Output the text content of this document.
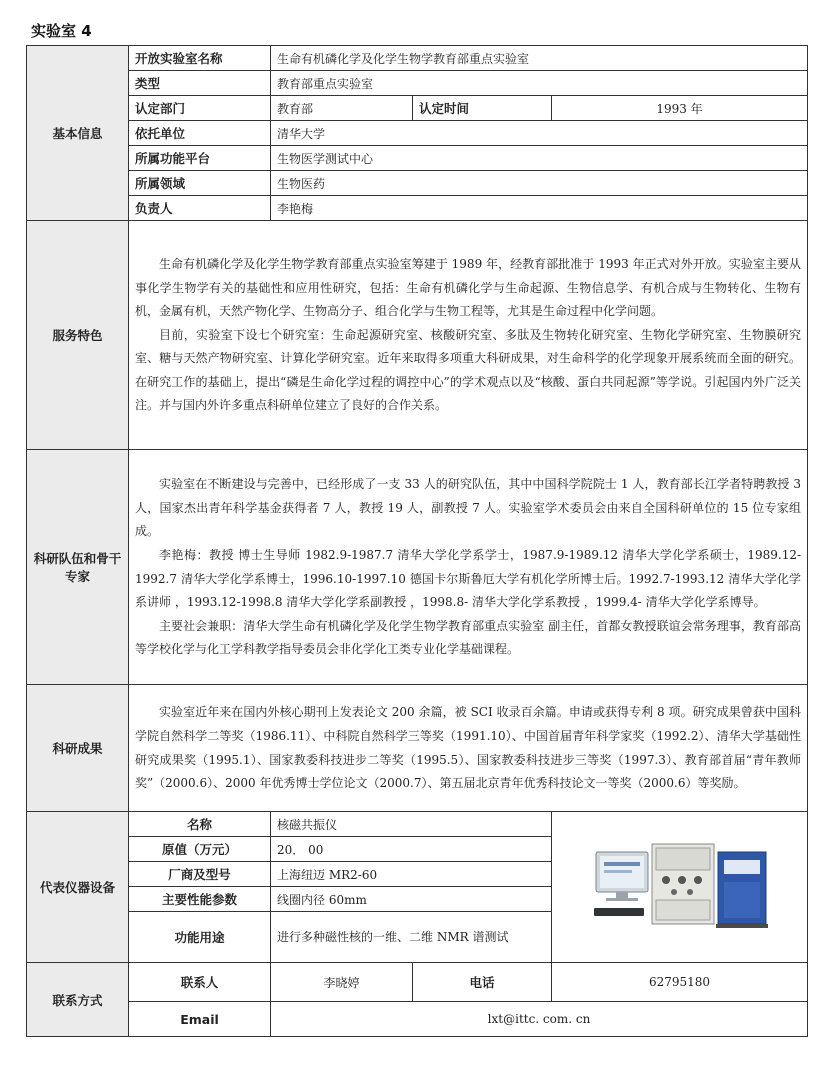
实验室 4
基本信息	开放实验室名称	生命有机磷化学及化学生物学教育部重点实验室		
	类型	教育部重点实验室		
	认定部门	教育部	认定时间	1993 年
	依托单位	清华大学		
	所属功能平台	生物医学测试中心		
	所属领域	生物医药		
	负责人	李艳梅		
服务特色	生命有机磷化学及化学生物学教育部重点实验室筹建于 1989 年，经教育部批准于 1993 年正式对外开放。实验室主要从事化学生物学有关的基础性和应用性研究，包括：生命有机磷化学与生命起源、生物信息学、有机合成与生物转化、生物有机，金属有机，天然产物化学、生物高分子、组合化学与生物工程等，尤其是生命过程中化学问题。

目前，实验室下设七个研究室：生命起源研究室、核酸研究室、多肽及生物转化研究室、生物化学研究室、生物膜研究室、糖与天然产物研究室、计算化学研究室。近年来取得多项重大科研成果，对生命科学的化学现象开展系统而全面的研究。在研究工作的基础上，提出“磷是生命化学过程的调控中心”的学术观点以及“核酸、蛋白共同起源”等学说。引起国内外广泛关注。并与国内外许多重点科研单位建立了良好的合作关系。			

科研队伍和骨干专家	实验室在不断建设与完善中，已经形成了一支 33 人的研究队伍，其中中国科学院院士 1 人，教育部长江学者特聘教授 3 人，国家杰出青年科学基金获得者 7 人，教授 19 人，副教授 7 人。实验室学术委员会由来自全国科研单位的 15 位专家组成。

李艳梅：教授 博士生导师 1982.9-1987.7 清华大学化学系学士，1987.9-1989.12 清华大学化学系硕士，1989.12-1992.7 清华大学化学系博士，1996.10-1997.10 德国卡尔斯鲁厄大学有机化学所博士后。1992.7-1993.12 清华大学化学系讲师 ，1993.12-1998.8 清华大学化学系副教授 ，1998.8- 清华大学化学系教授 ，1999.4- 清华大学化学系博导。

主要社会兼职：清华大学生命有机磷化学及化学生物学教育部重点实验室 副主任，首都女教授联谊会常务理事，教育部高等学校化学与化工学科教学指导委员会非化学化工类专业化学基础课程。			

科研成果	实验室近年来在国内外核心期刊上发表论文 200 余篇，被 SCI 收录百余篇。申请或获得专利 8 项。研究成果曾获中国科学院自然科学二等奖（1986.11）、中科院自然科学三等奖（1991.10）、中国首届青年科学家奖（1992.2）、清华大学基础性研究成果奖（1995.1）、国家教委科技进步二等奖（1995.5）、国家教委科技进步三等奖（1997.3）、教育部首届“青年教师奖”（2000.6）、2000 年优秀博士学位论文（2000.7）、第五届北京青年优秀科技论文一等奖（2000.6）等奖励。			

代表仪器设备	名称	核磁共振仪	
	原值（万元）	20． 00		
	厂商及型号	上海纽迈 MR2-60		
	主要性能参数	线圈内径 60mm		
	功能用途	进行多种磁性核的一维、二维 NMR 谱测试		
联系方式	联系人	李晓婷	电话	62795180
	Email	lxt@ittc. com. cn		
